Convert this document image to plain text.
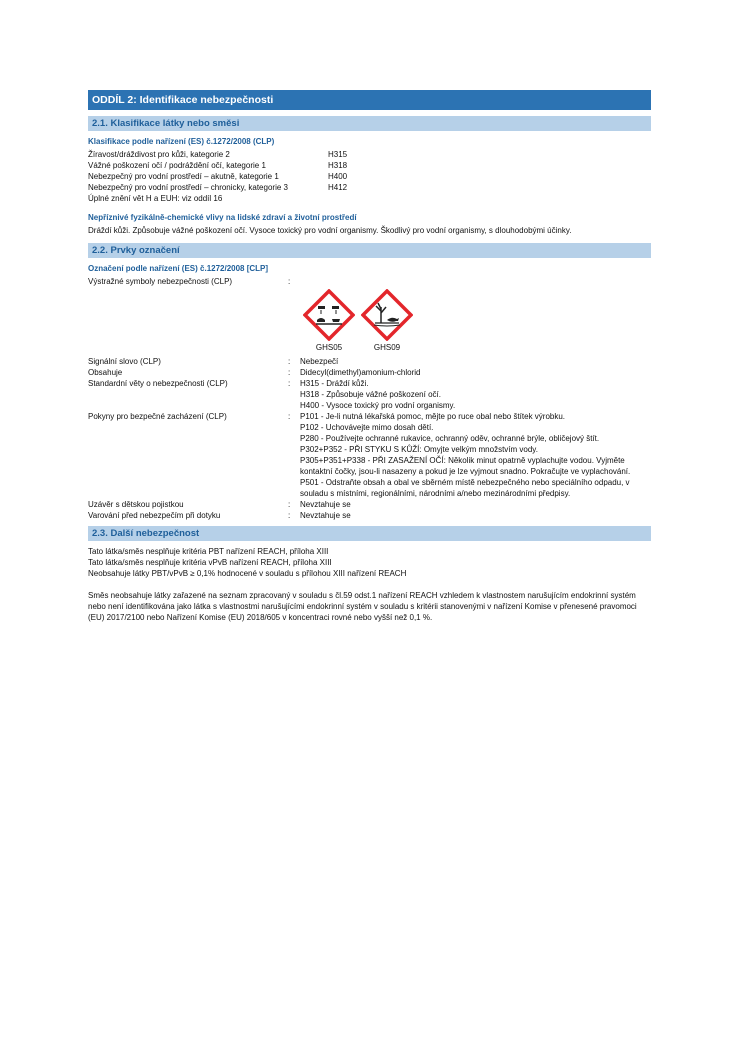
ODDÍL 2: Identifikace nebezpečnosti
2.1. Klasifikace látky nebo směsi
Klasifikace podle nařízení (ES) č.1272/2008 (CLP)
Žíravost/dráždivost pro kůži, kategorie 2	H315
Vážné poškození očí / podráždění očí, kategorie 1	H318
Nebezpečný pro vodní prostředí – akutně, kategorie 1	H400
Nebezpečný pro vodní prostředí – chronicky, kategorie 3	H412
Úplné znění vět H a EUH: viz oddíl 16
Nepříznivé fyzikálně-chemické vlivy na lidské zdraví a životní prostředí
Dráždí kůži. Způsobuje vážné poškození očí. Vysoce toxický pro vodní organismy. Škodlivý pro vodní organismy, s dlouhodobými účinky.
2.2. Prvky označení
Označení podle nařízení (ES) č.1272/2008 [CLP]
Výstražné symboly nebezpečnosti (CLP)	:
GHS05	GHS09
Signální slovo (CLP)	:	Nebezpečí
Obsahuje	:	Didecyl(dimethyl)amonium-chlorid
Standardní věty o nebezpečnosti (CLP)	:	H315 - Dráždí kůži.
H318 - Způsobuje vážné poškození očí.
H400 - Vysoce toxický pro vodní organismy.
Pokyny pro bezpečné zacházení (CLP)	:	P101 - Je-li nutná lékařská pomoc, mějte po ruce obal nebo štítek výrobku.
P102 - Uchovávejte mimo dosah dětí.
P280 - Používejte ochranné rukavice, ochranný oděv, ochranné brýle, obličejový štít.
P302+P352 - PŘI STYKU S KŮŽÍ: Omyjte velkým množstvím vody.
P305+P351+P338 - PŘI ZASAŽENÍ OČÍ: Několik minut opatrně vyplachujte vodou. Vyjměte kontaktní čočky, jsou-li nasazeny a pokud je lze vyjmout snadno. Pokračujte ve vyplachování.
P501 - Odstraňte obsah a obal ve sběrném místě nebezpečného nebo speciálního odpadu, v souladu s místními, regionálními, národními a/nebo mezinárodními předpisy.
Uzávěr s dětskou pojistkou	:	Nevztahuje se
Varování před nebezpečím při dotyku	:	Nevztahuje se
2.3. Další nebezpečnost
Tato látka/směs nesplňuje kritéria PBT nařízení REACH, příloha XIII
Tato látka/směs nesplňuje kritéria vPvB nařízení REACH, příloha XIII
Neobsahuje látky PBT/vPvB ≥ 0,1% hodnocené v souladu s přílohou XIII nařízení REACH
Směs neobsahuje látky zařazené na seznam zpracovaný v souladu s čl.59 odst.1 nařízení REACH vzhledem k vlastnostem narušujícím endokrinní systém nebo není identifikována jako látka s vlastnostmi narušujícími endokrinní systém v souladu s kritérii stanovenými v nařízení Komise v přenesené pravomoci (EU) 2017/2100 nebo Nařízení Komise (EU) 2018/605 v koncentraci rovné nebo vyšší než 0,1 %.
